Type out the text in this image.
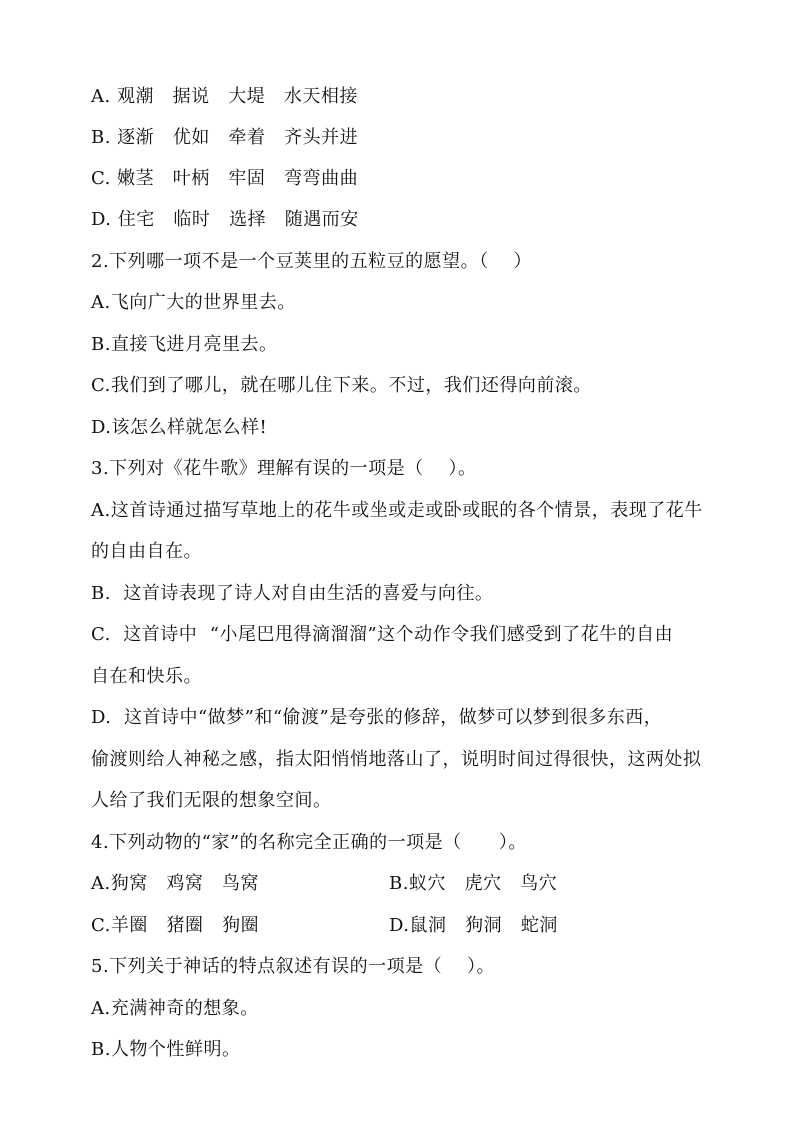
A. 观潮   据说   大堤   水天相接
B. 逐渐   优如   牵着   齐头并进
C. 嫩茎   叶柄   牢固   弯弯曲曲
D. 住宅   临时   选择   随遇而安
2.下列哪一项不是一个豆荚里的五粒豆的愿望。（    ）
A.飞向广大的世界里去。
B.直接飞进月亮里去。
C.我们到了哪儿，就在哪儿住下来。不过，我们还得向前滚。
D.该怎么样就怎么样!
3.下列对《花牛歌》理解有误的一项是（    ）。
A.这首诗通过描写草地上的花牛或坐或走或卧或眠的各个情景，表现了花牛
的自由自在。
B.  这首诗表现了诗人对自由生活的喜爱与向往。
C.  这首诗中  “小尾巴甩得滴溜溜”这个动作令我们感受到了花牛的自由
自在和快乐。
D.  这首诗中“做梦”和“偷渡”是夸张的修辞，做梦可以梦到很多东西，
偷渡则给人神秘之感，指太阳悄悄地落山了，说明时间过得很快，这两处拟
人给了我们无限的想象空间。
4.下列动物的“家”的名称完全正确的一项是（      ）。
A.狗窝   鸡窝   鸟窝	B.蚁穴   虎穴   鸟穴
C.羊圈   猪圈   狗圈	D.鼠洞   狗洞   蛇洞
5.下列关于神话的特点叙述有误的一项是（    ）。
A.充满神奇的想象。
B.人物个性鲜明。
